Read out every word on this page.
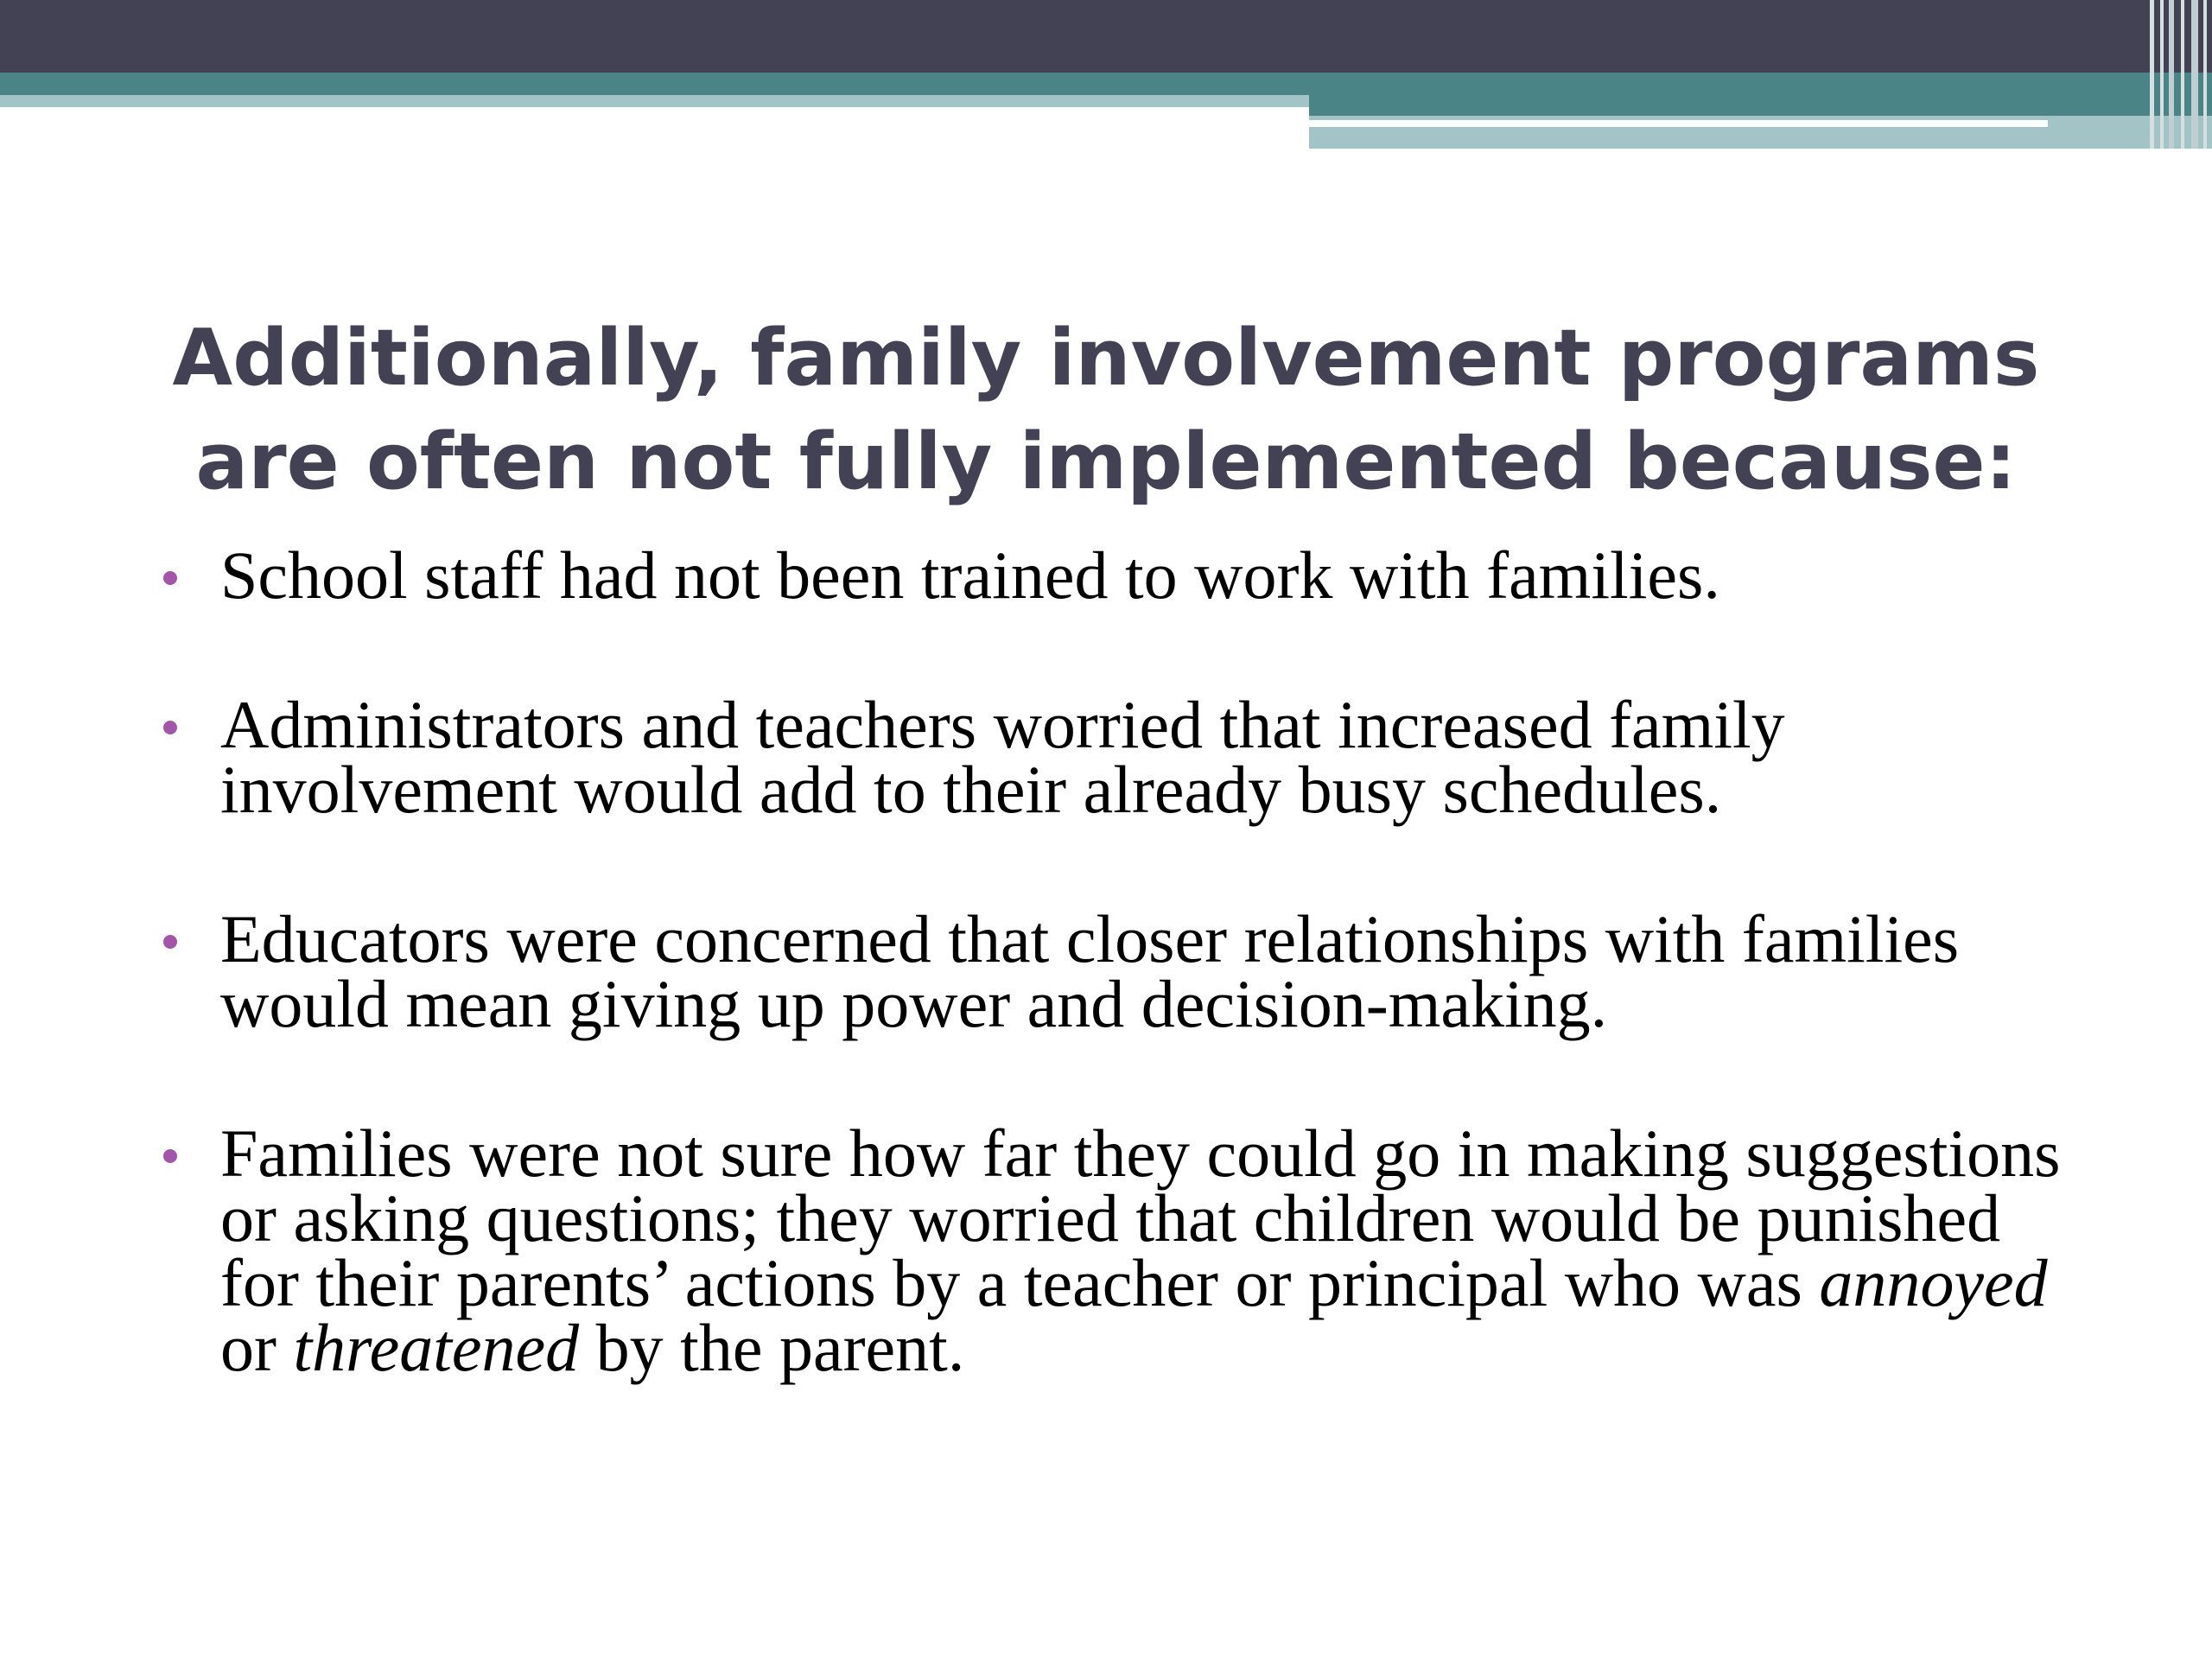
Additionally, family involvement programs are often not fully implemented because:
School staff had not been trained to work with families.
Administrators and teachers worried that increased family involvement would add to their already busy schedules.
Educators were concerned that closer relationships with families would mean giving up power and decision-making.
Families were not sure how far they could go in making suggestions or asking questions; they worried that children would be punished for their parents’ actions by a teacher or principal who was annoyed or threatened by the parent.
